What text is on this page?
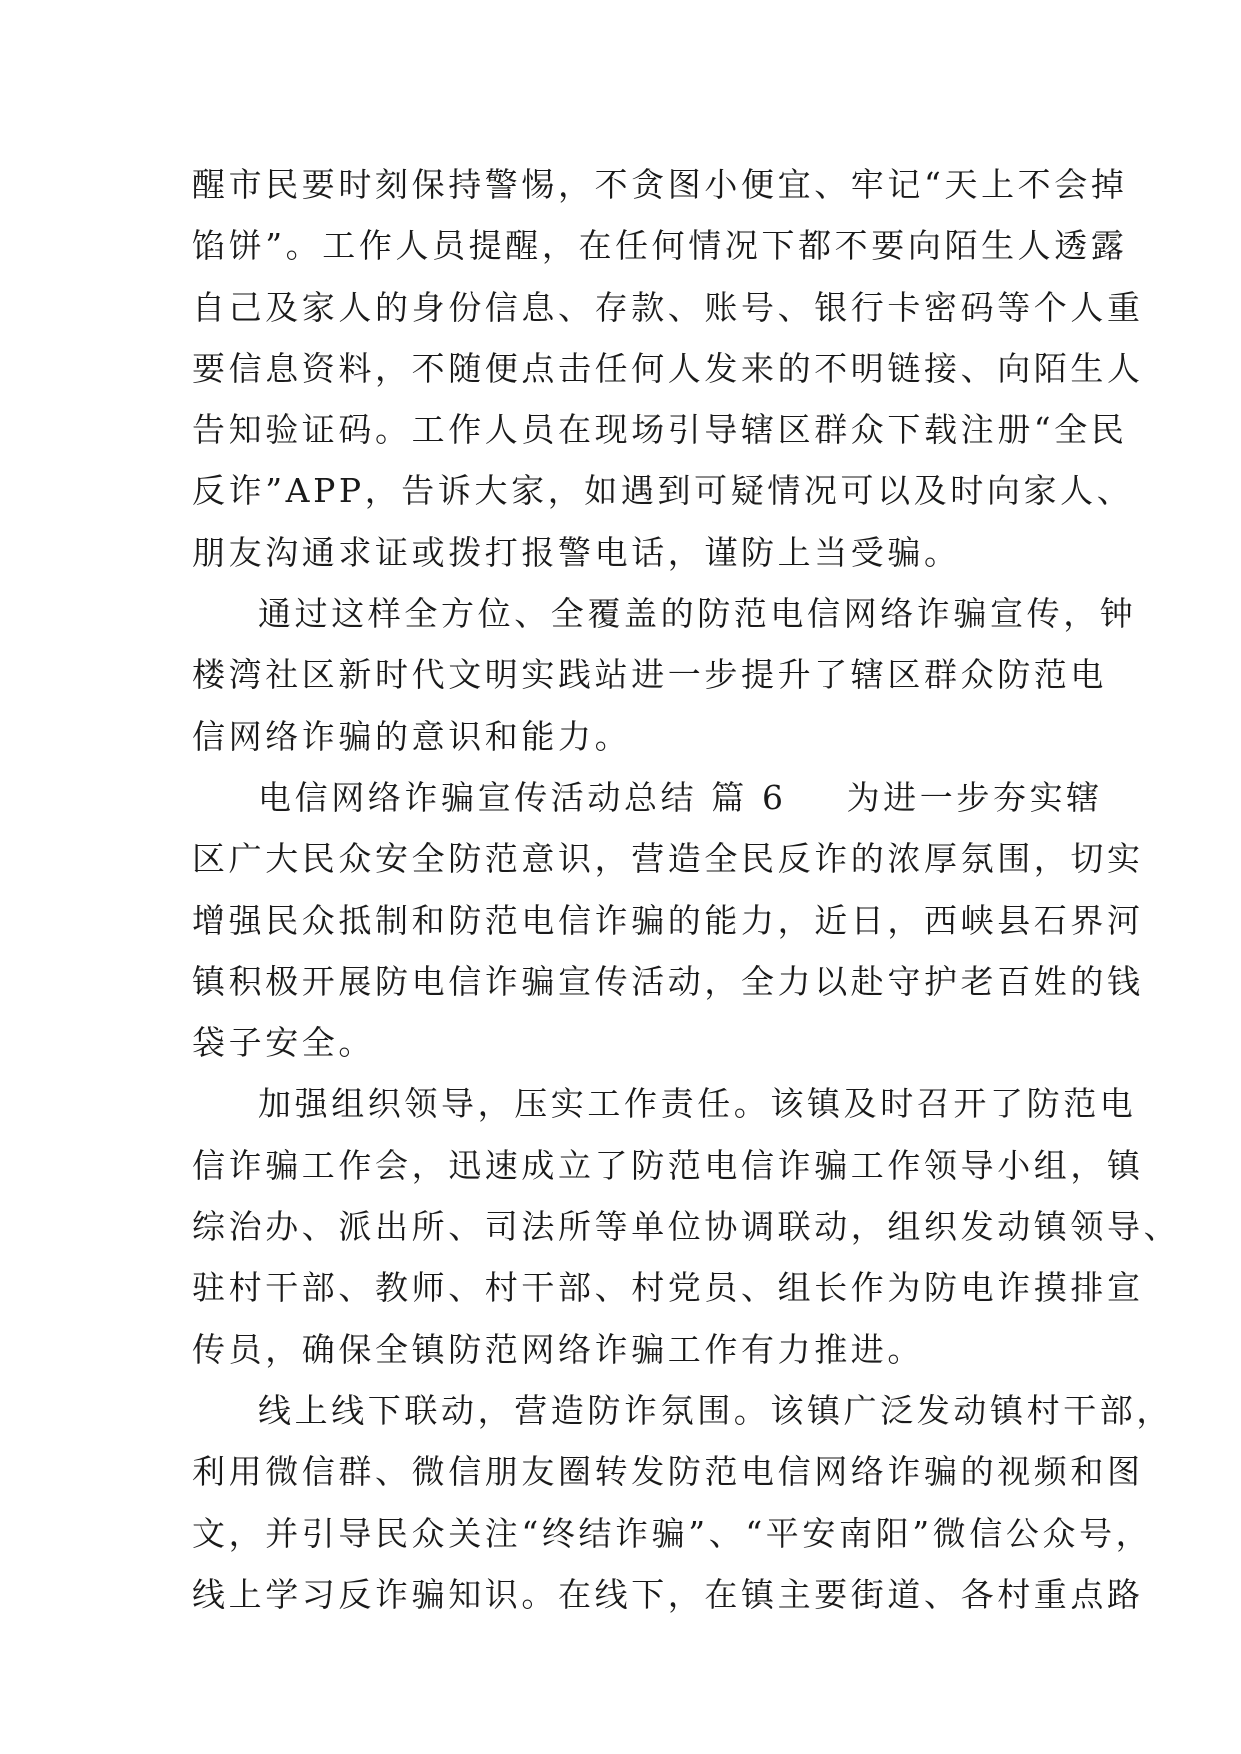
醒市民要时刻保持警惕，不贪图小便宜、牢记“天上不会掉
馅饼”。工作人员提醒，在任何情况下都不要向陌生人透露
自己及家人的身份信息、存款、账号、银行卡密码等个人重
要信息资料，不随便点击任何人发来的不明链接、向陌生人
告知验证码。工作人员在现场引导辖区群众下载注册“全民
反诈”APP，告诉大家，如遇到可疑情况可以及时向家人、
朋友沟通求证或拨打报警电话，谨防上当受骗。
通过这样全方位、全覆盖的防范电信网络诈骗宣传，钟
楼湾社区新时代文明实践站进一步提升了辖区群众防范电
信网络诈骗的意识和能力。
电信网络诈骗宣传活动总结 篇 6 为进一步夯实辖
区广大民众安全防范意识，营造全民反诈的浓厚氛围，切实
增强民众抵制和防范电信诈骗的能力，近日，西峡县石界河
镇积极开展防电信诈骗宣传活动，全力以赴守护老百姓的钱
袋子安全。
加强组织领导，压实工作责任。该镇及时召开了防范电
信诈骗工作会，迅速成立了防范电信诈骗工作领导小组，镇
综治办、派出所、司法所等单位协调联动，组织发动镇领导、
驻村干部、教师、村干部、村党员、组长作为防电诈摸排宣
传员，确保全镇防范网络诈骗工作有力推进。
线上线下联动，营造防诈氛围。该镇广泛发动镇村干部，
利用微信群、微信朋友圈转发防范电信网络诈骗的视频和图
文，并引导民众关注“终结诈骗”、“平安南阳”微信公众号，
线上学习反诈骗知识。在线下，在镇主要街道、各村重点路
